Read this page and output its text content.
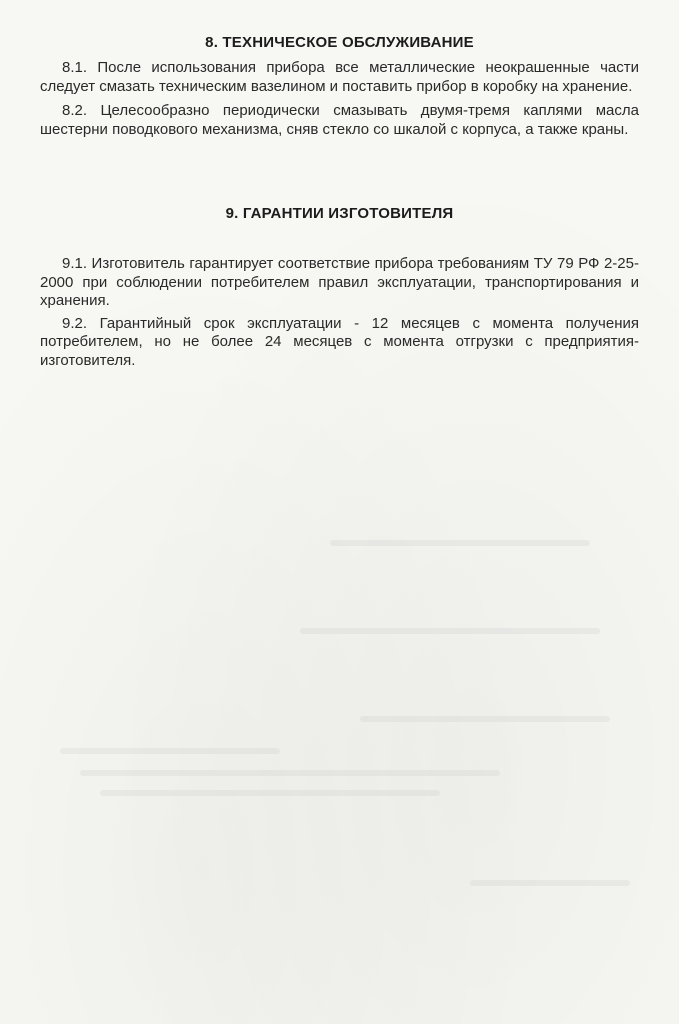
8. ТЕХНИЧЕСКОЕ ОБСЛУЖИВАНИЕ

8.1. После использования прибора все металлические неокрашенные части следует смазать техническим вазелином и поставить прибор в коробку на хранение.

8.2. Целесообразно периодически смазывать двумя-тремя каплями масла шестерни поводкового механизма, сняв стекло со шкалой с корпуса, а также краны.

9. ГАРАНТИИ ИЗГОТОВИТЕЛЯ

9.1. Изготовитель гарантирует соответствие прибора требованиям ТУ 79 РФ 2-25-2000 при соблюдении потребителем правил эксплуатации, транспортирования и хранения.

9.2. Гарантийный срок эксплуатации - 12 месяцев с момента получения потребителем, но не более 24 месяцев с момента отгрузки с предприятия-изготовителя.
